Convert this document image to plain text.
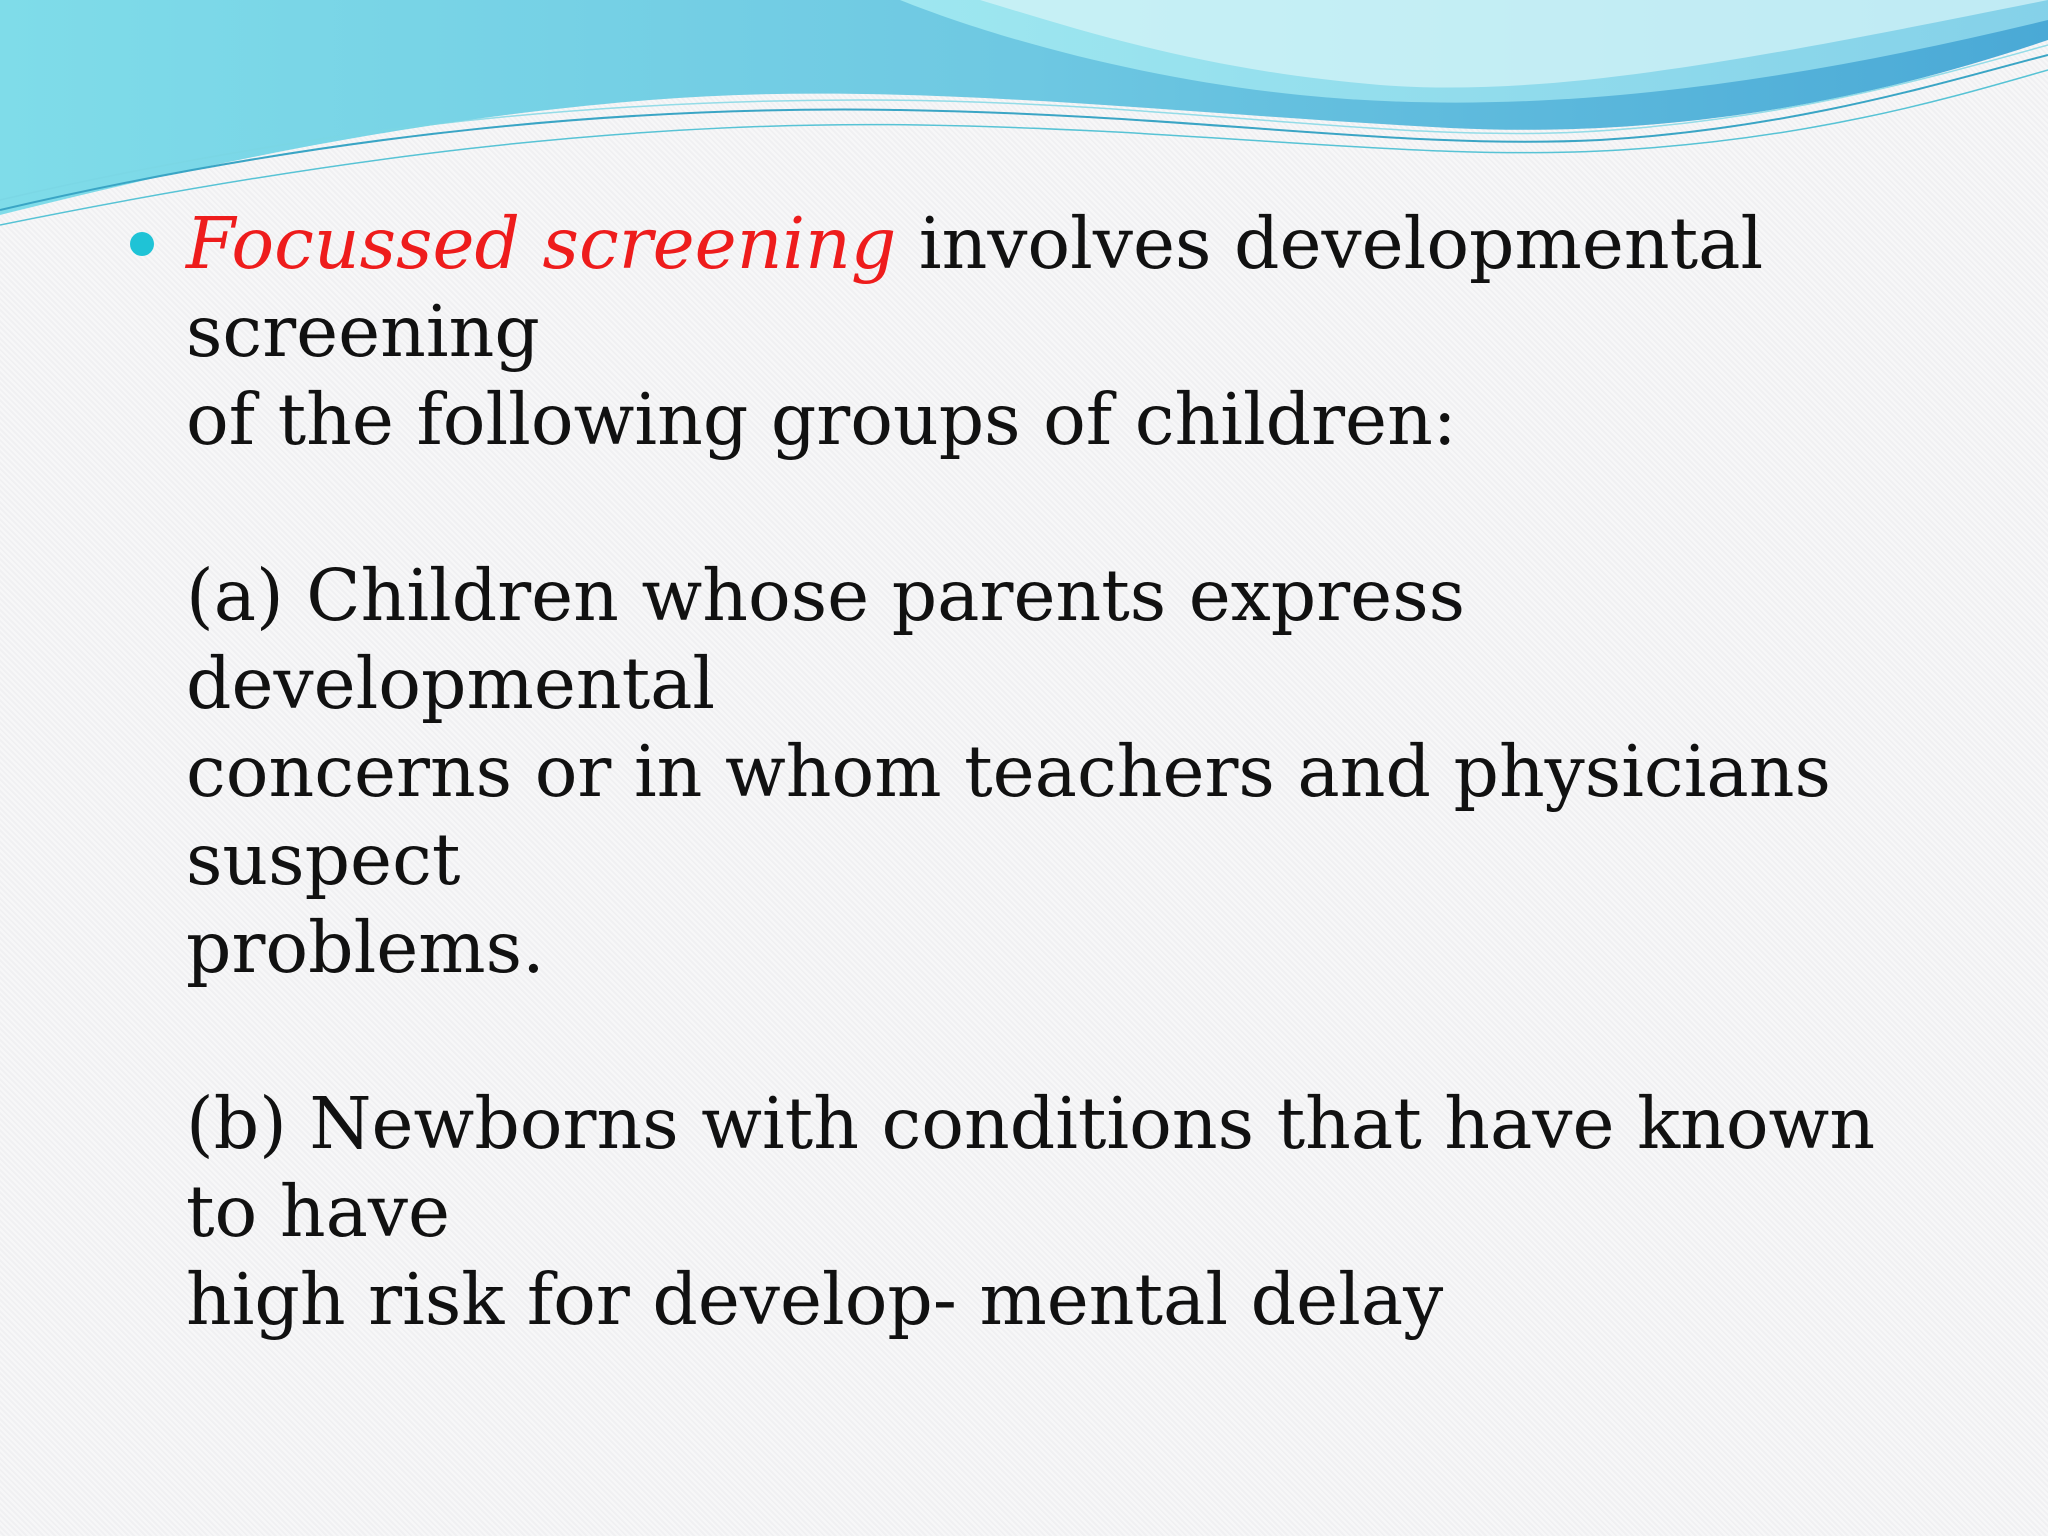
Focussed screening involves developmental screening
of the following groups of children:
(a) Children whose parents express developmental
concerns or in whom teachers and physicians suspect
problems.
(b) Newborns with conditions that have known to have
high risk for develop- mental delay
